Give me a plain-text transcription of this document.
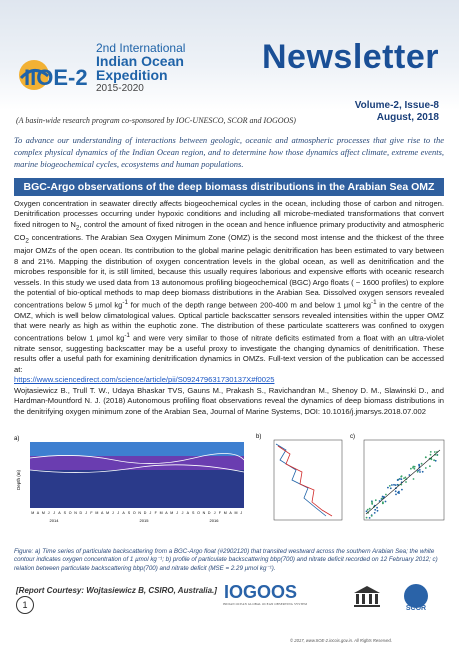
IIOE-2
2nd International
Indian Ocean
Expedition
2015-2020
Newsletter
Volume-2, Issue-8
August, 2018
(A basin-wide research program co-sponsored by IOC-UNESCO, SCOR and IOGOOS)
To advance our understanding of interactions between geologic, oceanic and atmospheric processes that give rise to the complex physical dynamics of the Indian Ocean region, and to determine how those dynamics affect climate, extreme events, marine biogeochemical cycles, ecosystems and human populations.
BGC-Argo observations of the deep biomass distributions in the Arabian Sea OMZ
Oxygen concentration in seawater directly affects biogeochemical cycles in the ocean, including those of carbon and nitrogen. Denitrification processes occurring under hypoxic conditions and including all microbe-mediated transformations that convert fixed nitrogen to $N_2$, control the amount of fixed nitrogen in the ocean and hence influence primary productivity and atmospheric $CO_2$ concentrations. The Arabian Sea Oxygen Minimum Zone (OMZ) is the second most intense and the thickest of the three major OMZs of the open ocean. Its contribution to the global marine pelagic denitrification has been estimated to vary between 8 and 21%. Mapping the distribution of oxygen concentration levels in the global ocean, as well as denitrification and the microbes responsible for it, is still limited, because this usually requires laborious and expensive efforts with oceanic research vessels. In this study we used data from 13 autonomous profiling biogeochemical (BGC) Argo floats ( ~ 1600 profiles) to explore the potential of bio-optical methods to map deep biomass distributions in the Arabian Sea. Dissolved oxygen sensors revealed concentrations below 5 µmol $kg^{-1}$ for much of the depth range between 200-400 m and below 1 µmol $kg^{-1}$ in the centre of the OMZ, which is well below climatological values. Optical particle backscatter sensors revealed intensities within the upper OMZ that were nearly as high as within the euphotic zone. The distribution of these particulate scatterers was confined to oxygen concentrations below 1 µmol $kg^{-1}$ and were very similar to those of nitrate deficits estimated from a float with an ultra-violet nitrate sensor, suggesting backscatter may be a useful proxy to investigate the changing dynamics of denitrification. These results offer a useful path for examining denitrification dynamics in OMZs. Full-text version of the publication can be accessed at:
https://www.sciencedirect.com/science/article/pii/S092479631730137X#f0025
Wojtasiewicz B., Trull T. W., Udaya Bhaskar TVS, Gauns M., Prakash S., Ravichandran M., Shenoy D. M., Slawinski D., and Hardman-Mountford N. J. (2018) Autonomous profiling float observations reveal the dynamics of deep biomass distributions in the denitrifying oxygen minimum zone of the Arabian Sea, Journal of Marine Systems, DOI: 10.1016/j.jmarsys.2018.07.002
a)
Depth (m)
M A M J J A S O N D J F M A M J J A S O N D J F M A M J J A S O N D J F M A M J
2014	2015	2016
b)	c)
Figure: a) Time series of particulate backscattering from a BGC-Argo float (#2902120) that transited westward across the southern Arabian Sea; the white contour indicates oxygen concentration of 1 µmol kg⁻¹; b) profile of particulate backscattering bbp(700) and nitrate deficit recorded on 12 February 2012; c) relation between particulate backscattering bbp(700) and nitrate deficit (MSE = 2.29 µmol kg⁻¹).
[Report Courtesy: Wojtasiewicz B, CSIRO, Australia.]
1
IOGOOS
INDIAN OCEAN GLOBAL OCEAN OBSERVING SYSTEM
SCOR
© 2017, www.IIOE-2.incois.gov.in. All Rights Reserved.
